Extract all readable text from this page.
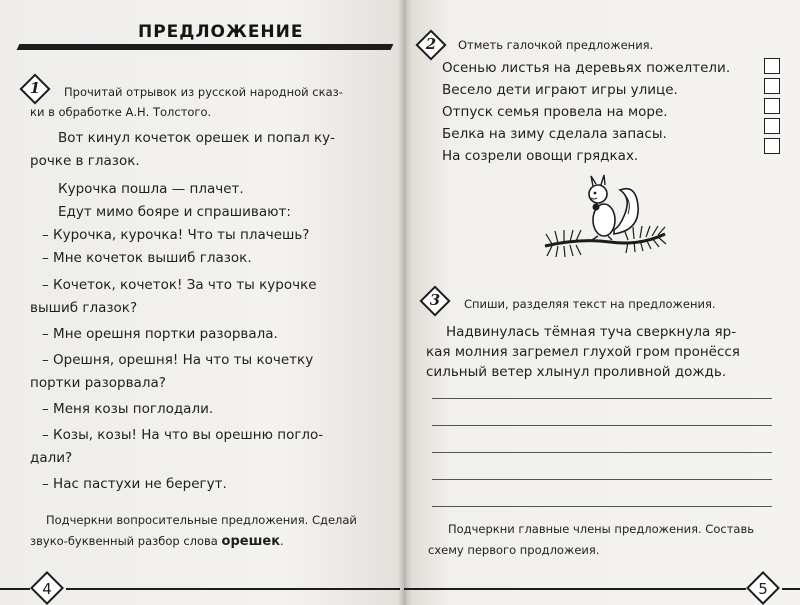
ПРЕДЛОЖЕНИЕ
1	Прочитай отрывок из русской народной сказ-
ки в обработке А.Н. Толстого.
Вот кинул кочеток орешек и попал ку-
рочке в глазок.
Курочка пошла — плачет.
Едут мимо бояре и спрашивают:
– Курочка, курочка! Что ты плачешь?
– Мне кочеток вышиб глазок.
– Кочеток, кочеток! За что ты курочке
вышиб глазок?
– Мне орешня портки разорвала.
– Орешня, орешня! На что ты кочетку
портки разорвала?
– Меня козы поглодали.
– Козы, козы! На что вы орешню погло-
дали?
– Нас пастухи не берегут.
Подчеркни вопросительные предложения. Сделай
звуко-буквенный разбор слова орешек.
4
2	Отметь галочкой предложения.
Осенью листья на деревьях пожелтели.
Весело дети играют игры улице.
Отпуск семья провела на море.
Белка на зиму сделала запасы.
На созрели овощи грядках.
3	Спиши, разделяя текст на предложения.
Надвинулась тёмная туча сверкнула яр-
кая молния загремел глухой гром пронёсся
сильный ветер хлынул проливной дождь.
Подчеркни главные члены предложения. Составь
схему первого продложеия.
5
